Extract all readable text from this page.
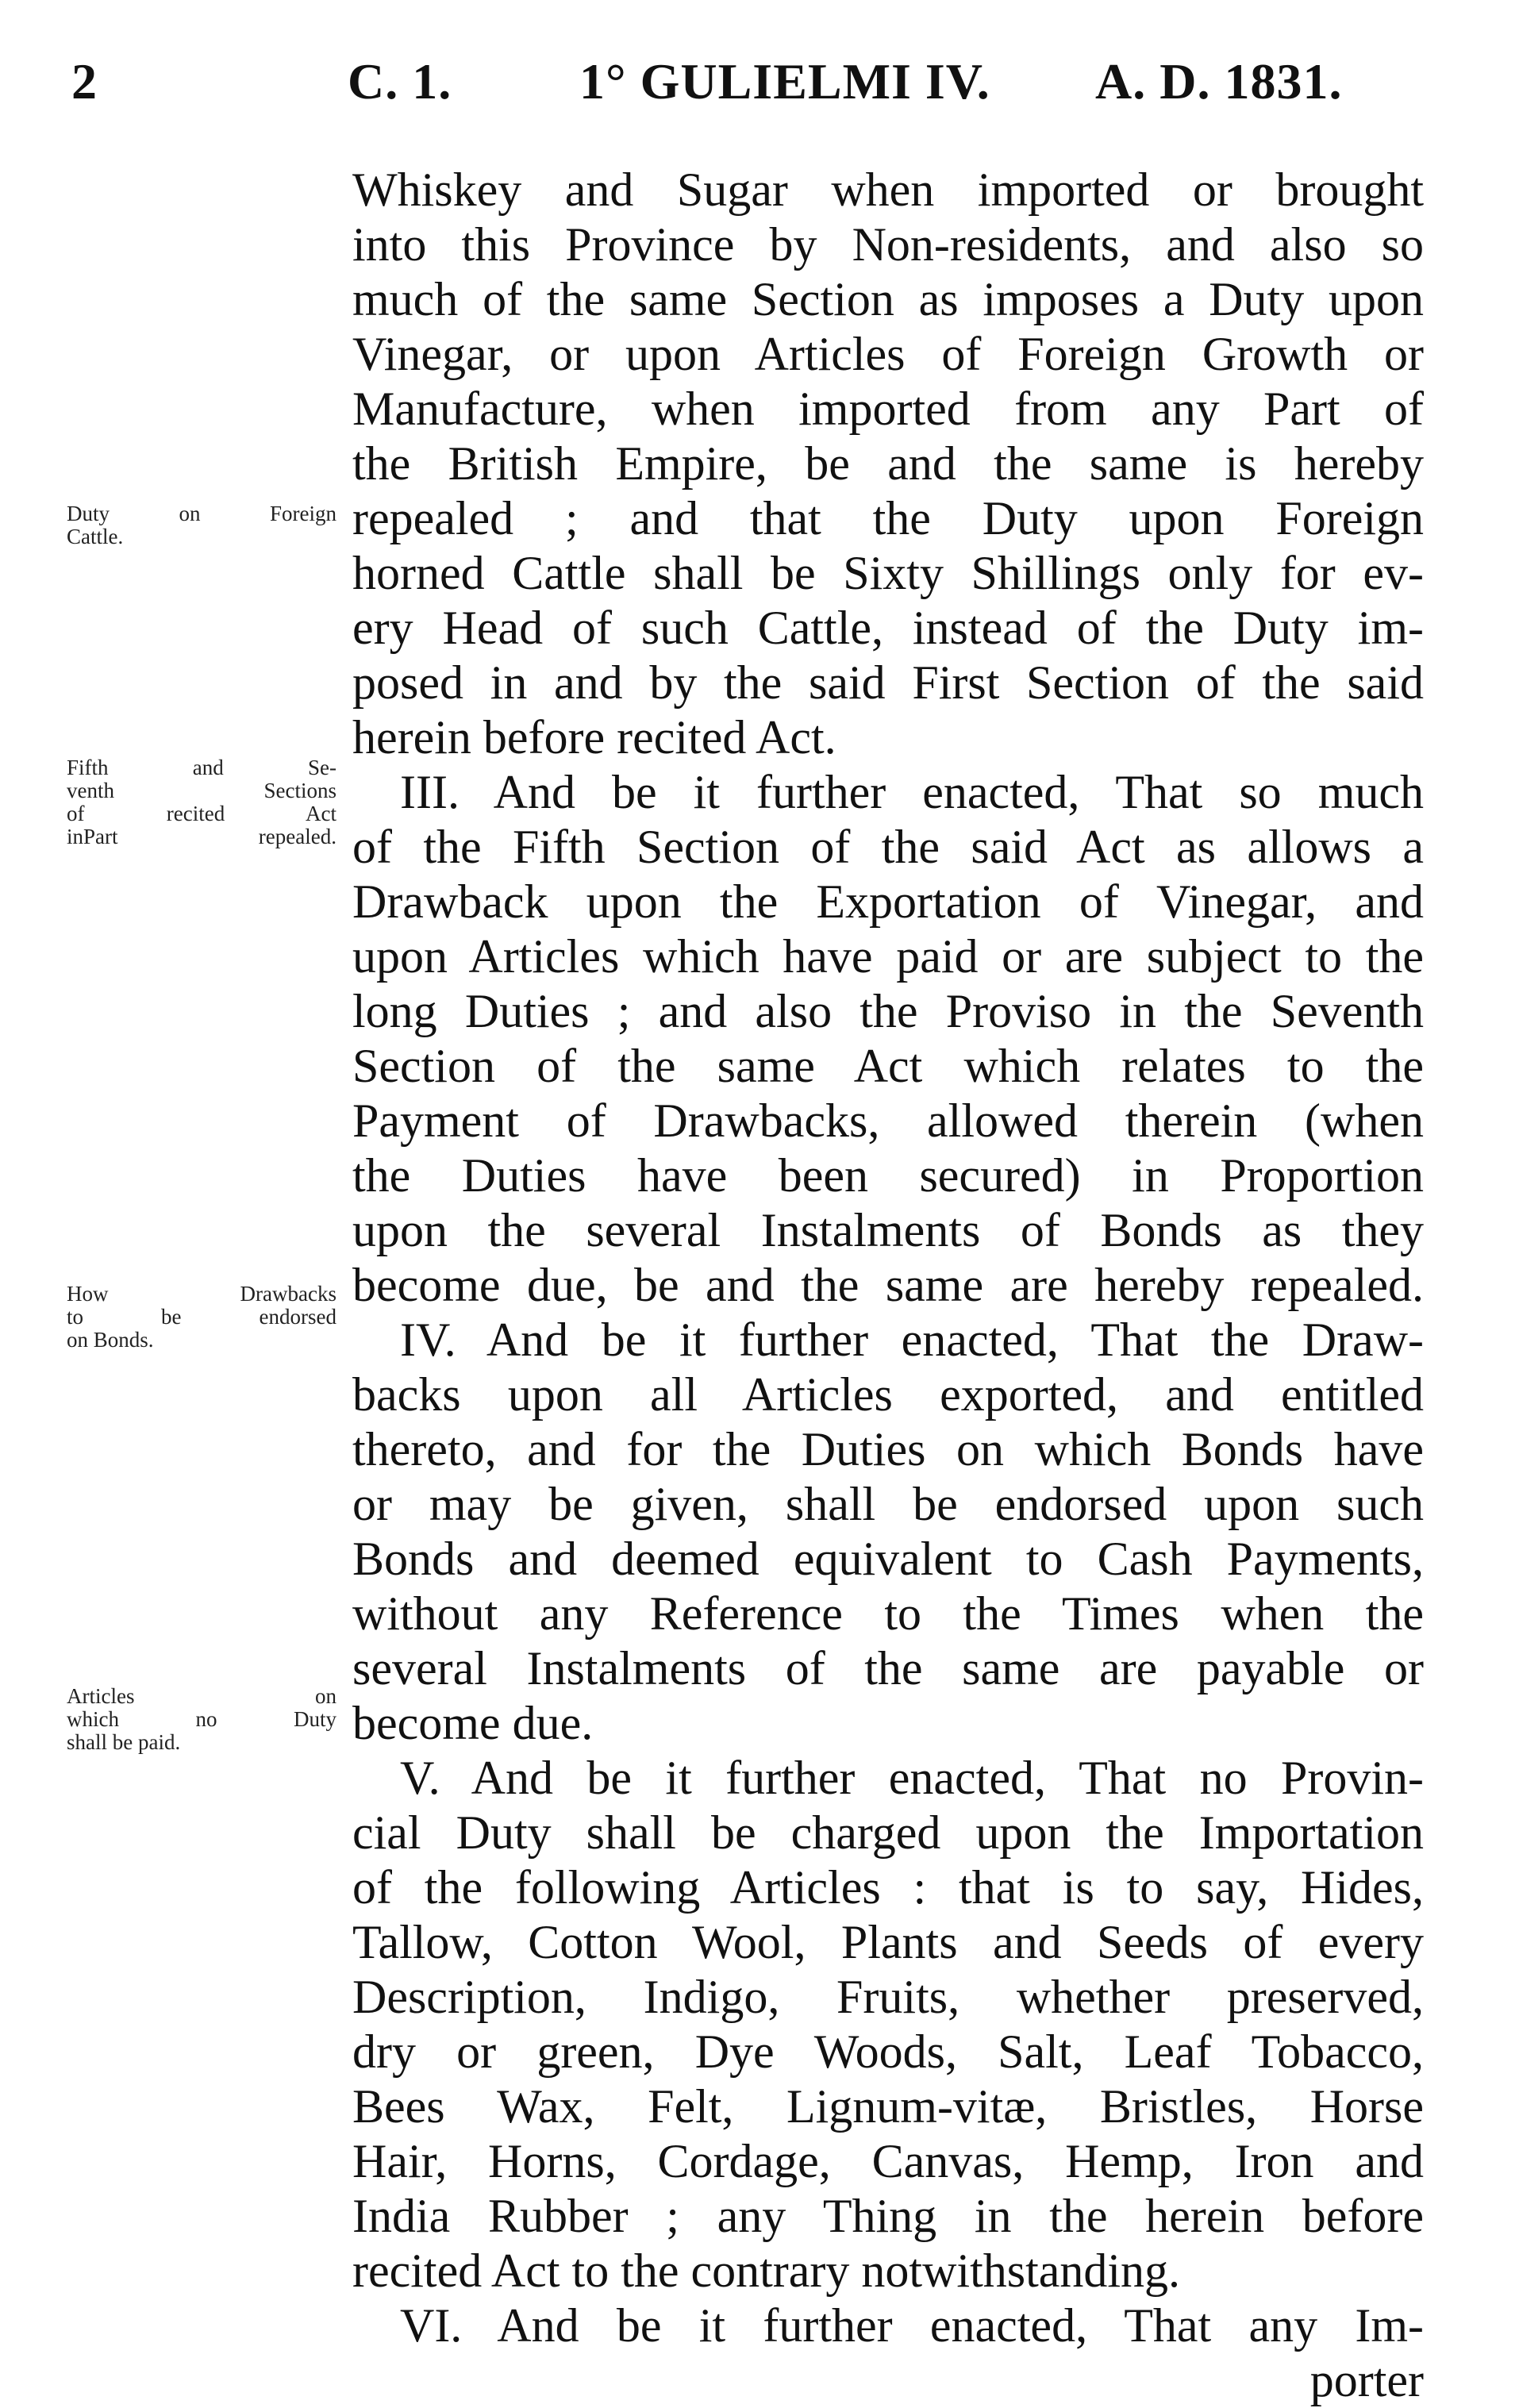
2	C. 1.	1° GULIELMI IV. A. D. 1831.
Duty on Foreign
Cattle.
Fifth and Se-
venth Sections
of recited Act
inPart repealed.
How Drawbacks
to be endorsed
on Bonds.
Articles on
which no Duty
shall be paid.
Whiskey and Sugar when imported or brought
into this Province by Non-residents, and also so
much of the same Section as imposes a Duty upon
Vinegar, or upon Articles of Foreign Growth or
Manufacture, when imported from any Part of
the British Empire, be and the same is hereby
repealed ; and that the Duty upon Foreign
horned Cattle shall be Sixty Shillings only for ev-
ery Head of such Cattle, instead of the Duty im-
posed in and by the said First Section of the said
herein before recited Act.
III. And be it further enacted, That so much
of the Fifth Section of the said Act as allows a
Drawback upon the Exportation of Vinegar, and
upon Articles which have paid or are subject to the
long Duties ; and also the Proviso in the Seventh
Section of the same Act which relates to the
Payment of Drawbacks, allowed therein (when
the Duties have been secured) in Proportion
upon the several Instalments of Bonds as they
become due, be and the same are hereby repealed.
IV. And be it further enacted, That the Draw-
backs upon all Articles exported, and entitled
thereto, and for the Duties on which Bonds have
or may be given, shall be endorsed upon such
Bonds and deemed equivalent to Cash Payments,
without any Reference to the Times when the
several Instalments of the same are payable or
become due.
V. And be it further enacted, That no Provin-
cial Duty shall be charged upon the Importation
of the following Articles : that is to say, Hides,
Tallow, Cotton Wool, Plants and Seeds of every
Description, Indigo, Fruits, whether preserved,
dry or green, Dye Woods, Salt, Leaf Tobacco,
Bees Wax, Felt, Lignum-vitæ, Bristles, Horse
Hair, Horns, Cordage, Canvas, Hemp, Iron and
India Rubber ; any Thing in the herein before
recited Act to the contrary notwithstanding.
VI. And be it further enacted, That any Im-
porter
